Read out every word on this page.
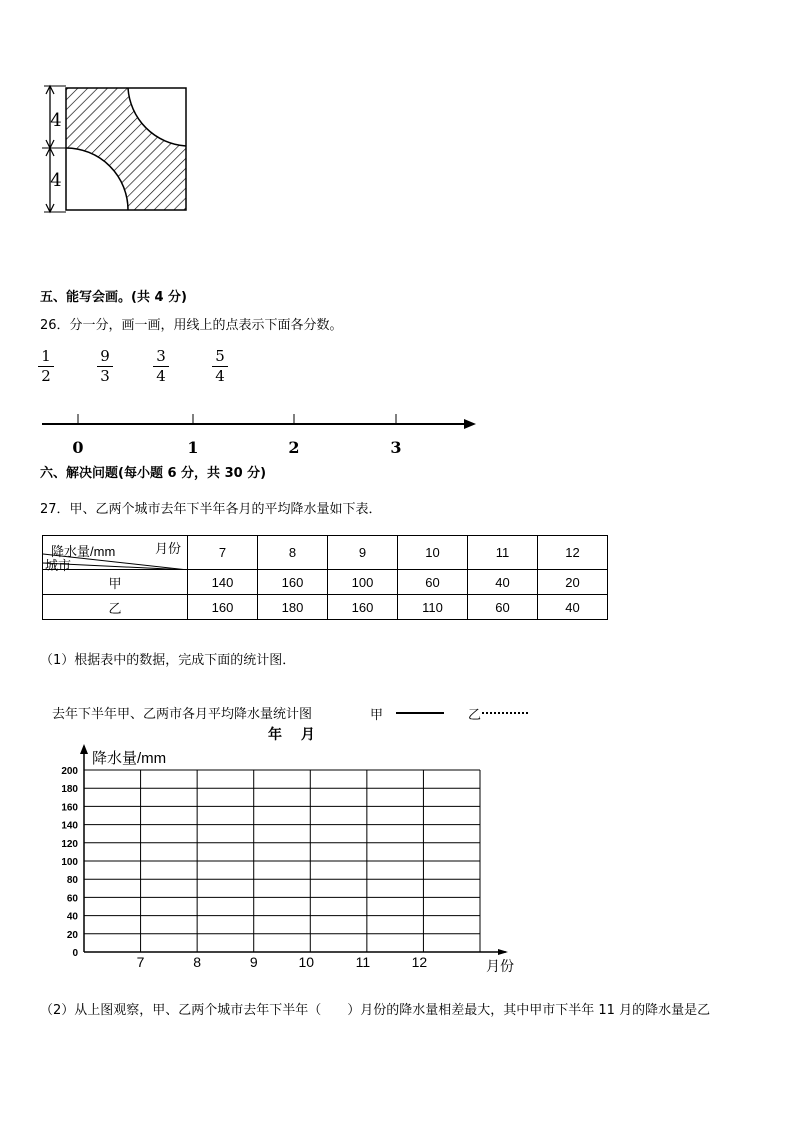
4
4
五、能写会画。(共 4 分)
26．分一分，画一画，用线上的点表示下面各分数。
1
2
9
3
3
4
5
4
0	1	2	3
六、解决问题(每小题 6 分，共 30 分)
27．甲、乙两个城市去年下半年各月的平均降水量如下表．
月份
降水量/mm
城市	7	8	9	10	11	12
甲	140	160	100	60	40	20
乙	160	180	160	110	60	40
（1）根据表中的数据，完成下面的统计图．
去年下半年甲、乙两市各月平均降水量统计图	甲	乙
年　 月
0
20
40
60
80
100
120
140
160
180
200
7	8	9	10	11	12
降水量/mm
月份
（2）从上图观察，甲、乙两个城市去年下半年（　　）月份的降水量相差最大，其中甲市下半年 11 月的降水量是乙
